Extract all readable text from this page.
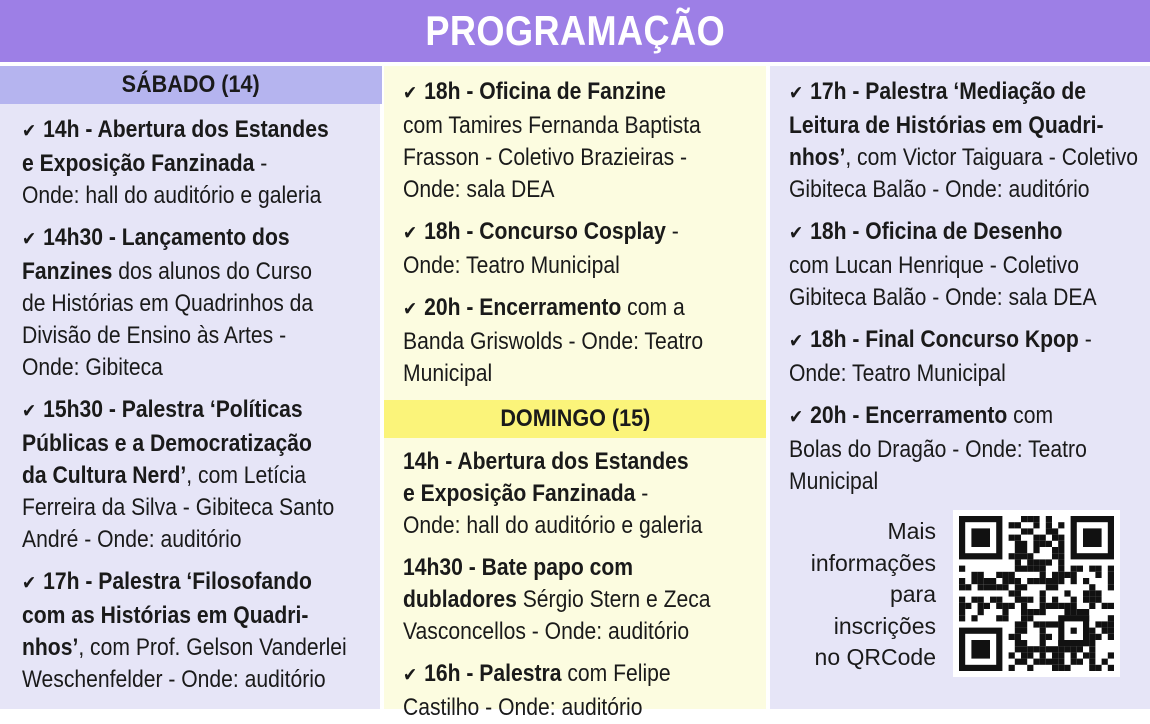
PROGRAMAÇÃO
SÁBADO (14)
✔ 14h - Abertura dos Estandes
e Exposição Fanzinada -
Onde: hall do auditório e galeria
✔ 14h30 - Lançamento dos
Fanzines dos alunos do Curso
de Histórias em Quadrinhos da
Divisão de Ensino às Artes -
Onde: Gibiteca
✔ 15h30 - Palestra ‘Políticas
Públicas e a Democratização
da Cultura Nerd’, com Letícia
Ferreira da Silva - Gibiteca Santo
André - Onde: auditório
✔ 17h - Palestra ‘Filosofando
com as Histórias em Quadri-
nhos’, com Prof. Gelson Vanderlei
Weschenfelder - Onde: auditório
✔ 18h - Oficina de Fanzine
com Tamires Fernanda Baptista
Frasson - Coletivo Brazieiras -
Onde: sala DEA
✔ 18h - Concurso Cosplay -
Onde: Teatro Municipal
✔ 20h - Encerramento com a
Banda Griswolds - Onde: Teatro
Municipal
DOMINGO (15)
14h - Abertura dos Estandes
e Exposição Fanzinada -
Onde: hall do auditório e galeria
14h30 - Bate papo com
dubladores Sérgio Stern e Zeca
Vasconcellos - Onde: auditório
✔ 16h - Palestra com Felipe
Castilho - Onde: auditório
✔ 17h - Palestra ‘Mediação de
Leitura de Histórias em Quadri-
nhos’, com Victor Taiguara - Coletivo
Gibiteca Balão - Onde: auditório
✔ 18h - Oficina de Desenho
com Lucan Henrique - Coletivo
Gibiteca Balão - Onde: sala DEA
✔ 18h - Final Concurso Kpop -
Onde: Teatro Municipal
✔ 20h - Encerramento com
Bolas do Dragão - Onde: Teatro
Municipal
Mais
informações
para
inscrições
no QRCode
